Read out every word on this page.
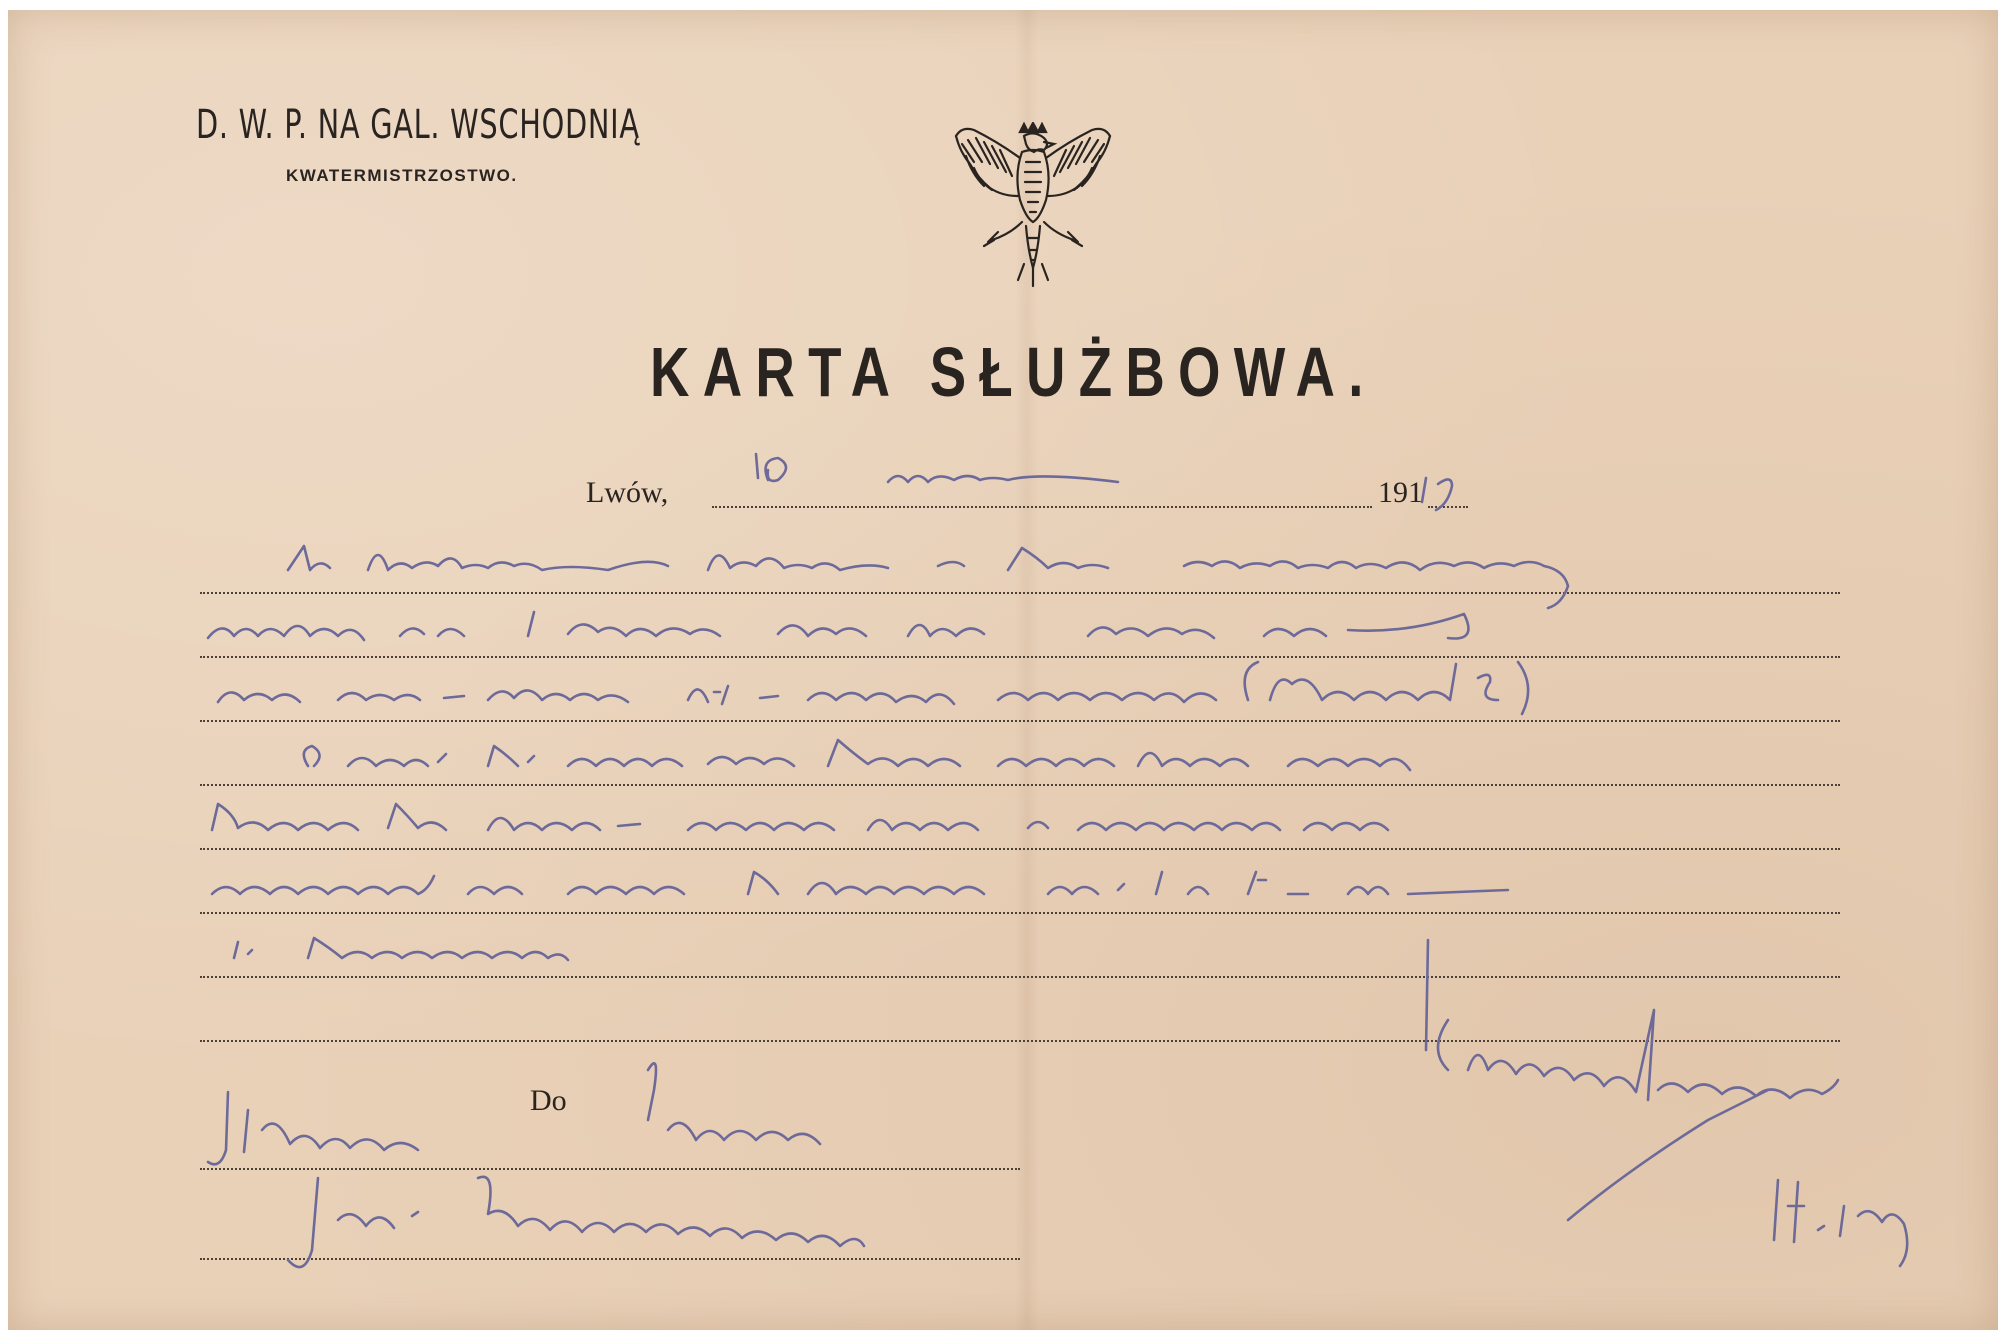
D. W. P. NA GAL. WSCHODNIĄ
KWATERMISTRZOSTWO.
KARTA SŁUŻBOWA.
Lwów,	191
Do
